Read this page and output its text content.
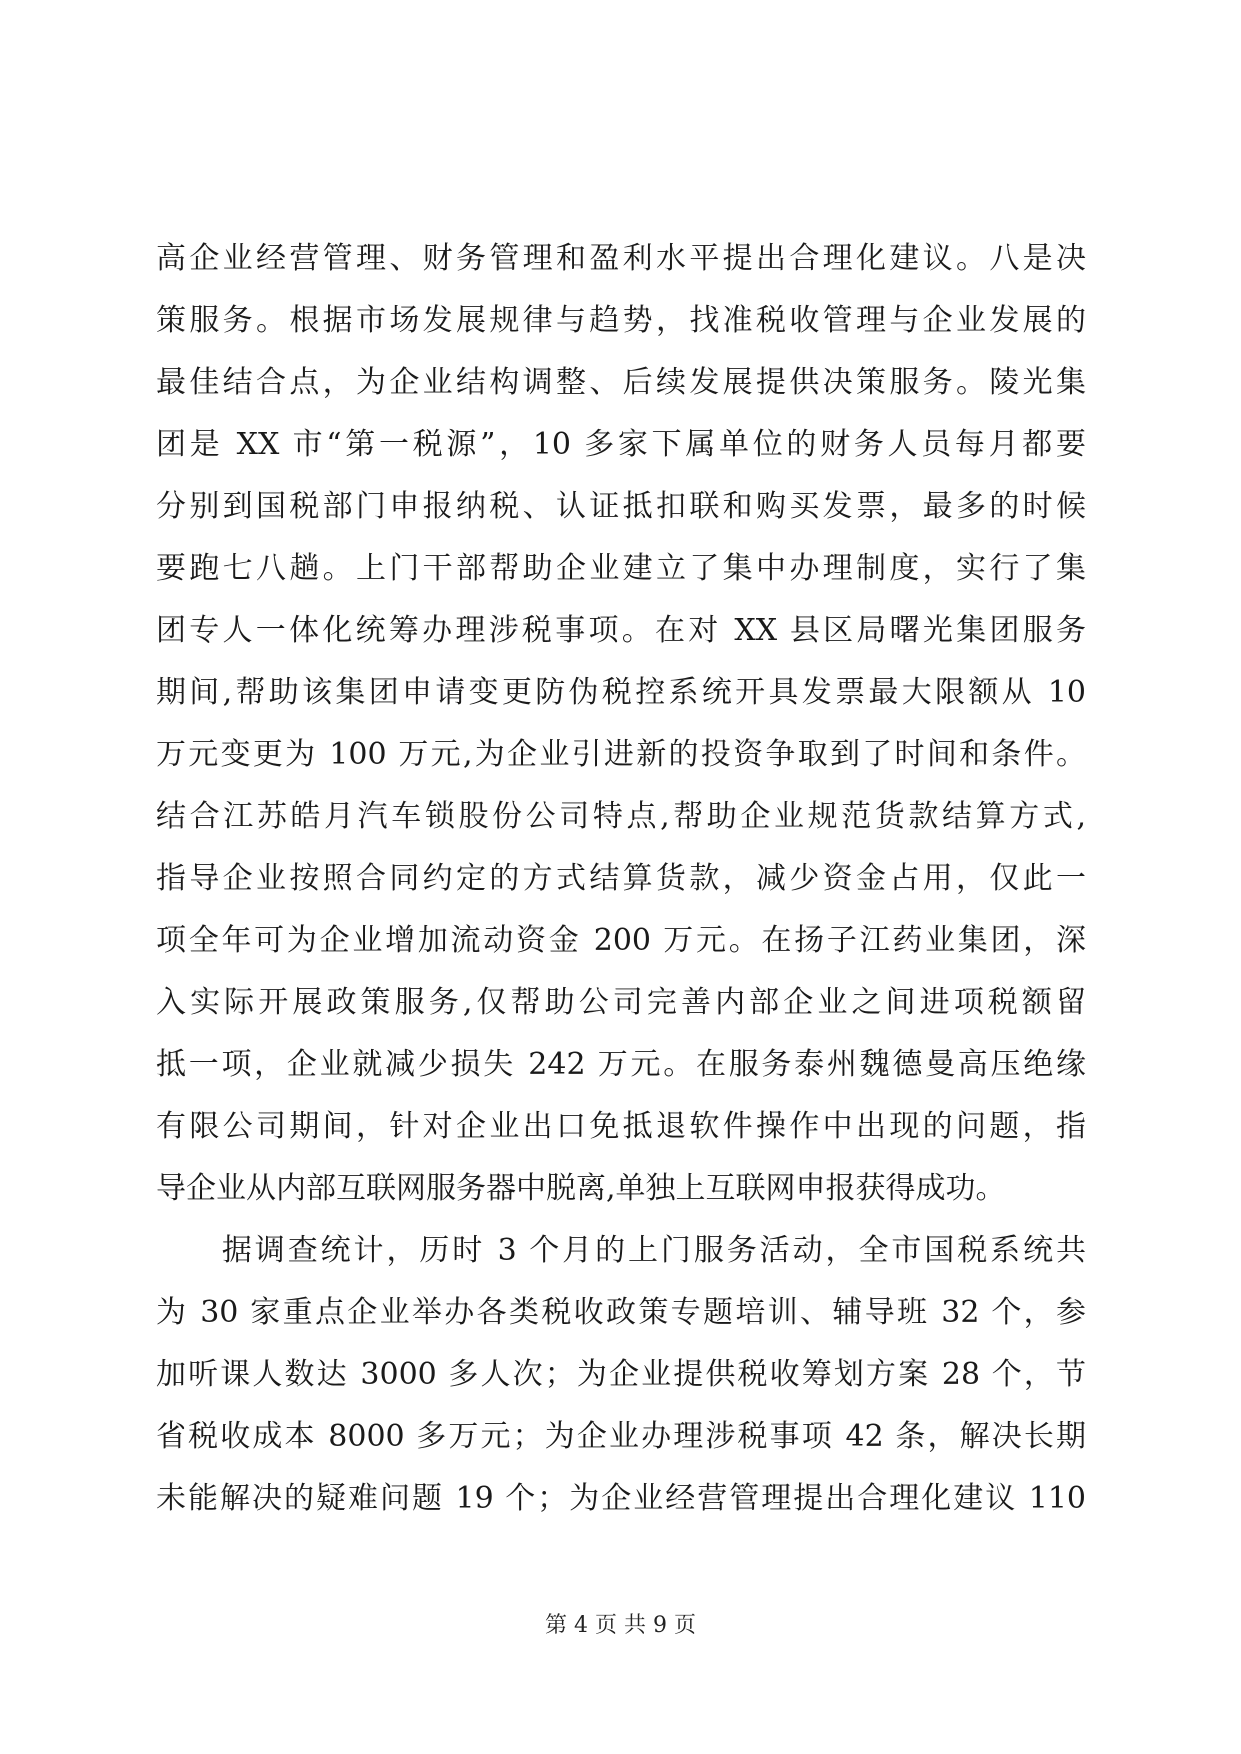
高企业经营管理、财务管理和盈利水平提出合理化建议。八是决
策服务。根据市场发展规律与趋势，找准税收管理与企业发展的
最佳结合点，为企业结构调整、后续发展提供决策服务。陵光集
团是 XX 市“第一税源”，10 多家下属单位的财务人员每月都要
分别到国税部门申报纳税、认证抵扣联和购买发票，最多的时候
要跑七八趟。上门干部帮助企业建立了集中办理制度，实行了集
团专人一体化统筹办理涉税事项。在对 XX 县区局曙光集团服务
期间,帮助该集团申请变更防伪税控系统开具发票最大限额从 10
万元变更为 100 万元,为企业引进新的投资争取到了时间和条件。
结合江苏皓月汽车锁股份公司特点,帮助企业规范货款结算方式,
指导企业按照合同约定的方式结算货款，减少资金占用，仅此一
项全年可为企业增加流动资金 200 万元。在扬子江药业集团，深
入实际开展政策服务,仅帮助公司完善内部企业之间进项税额留
抵一项，企业就减少损失 242 万元。在服务泰州魏德曼高压绝缘
有限公司期间，针对企业出口免抵退软件操作中出现的问题，指
导企业从内部互联网服务器中脱离,单独上互联网申报获得成功。
　　据调查统计，历时 3 个月的上门服务活动，全市国税系统共
为 30 家重点企业举办各类税收政策专题培训、辅导班 32 个，参
加听课人数达 3000 多人次；为企业提供税收筹划方案 28 个，节
省税收成本 8000 多万元；为企业办理涉税事项 42 条，解决长期
未能解决的疑难问题 19 个；为企业经营管理提出合理化建议 110
第 4 页 共 9 页
